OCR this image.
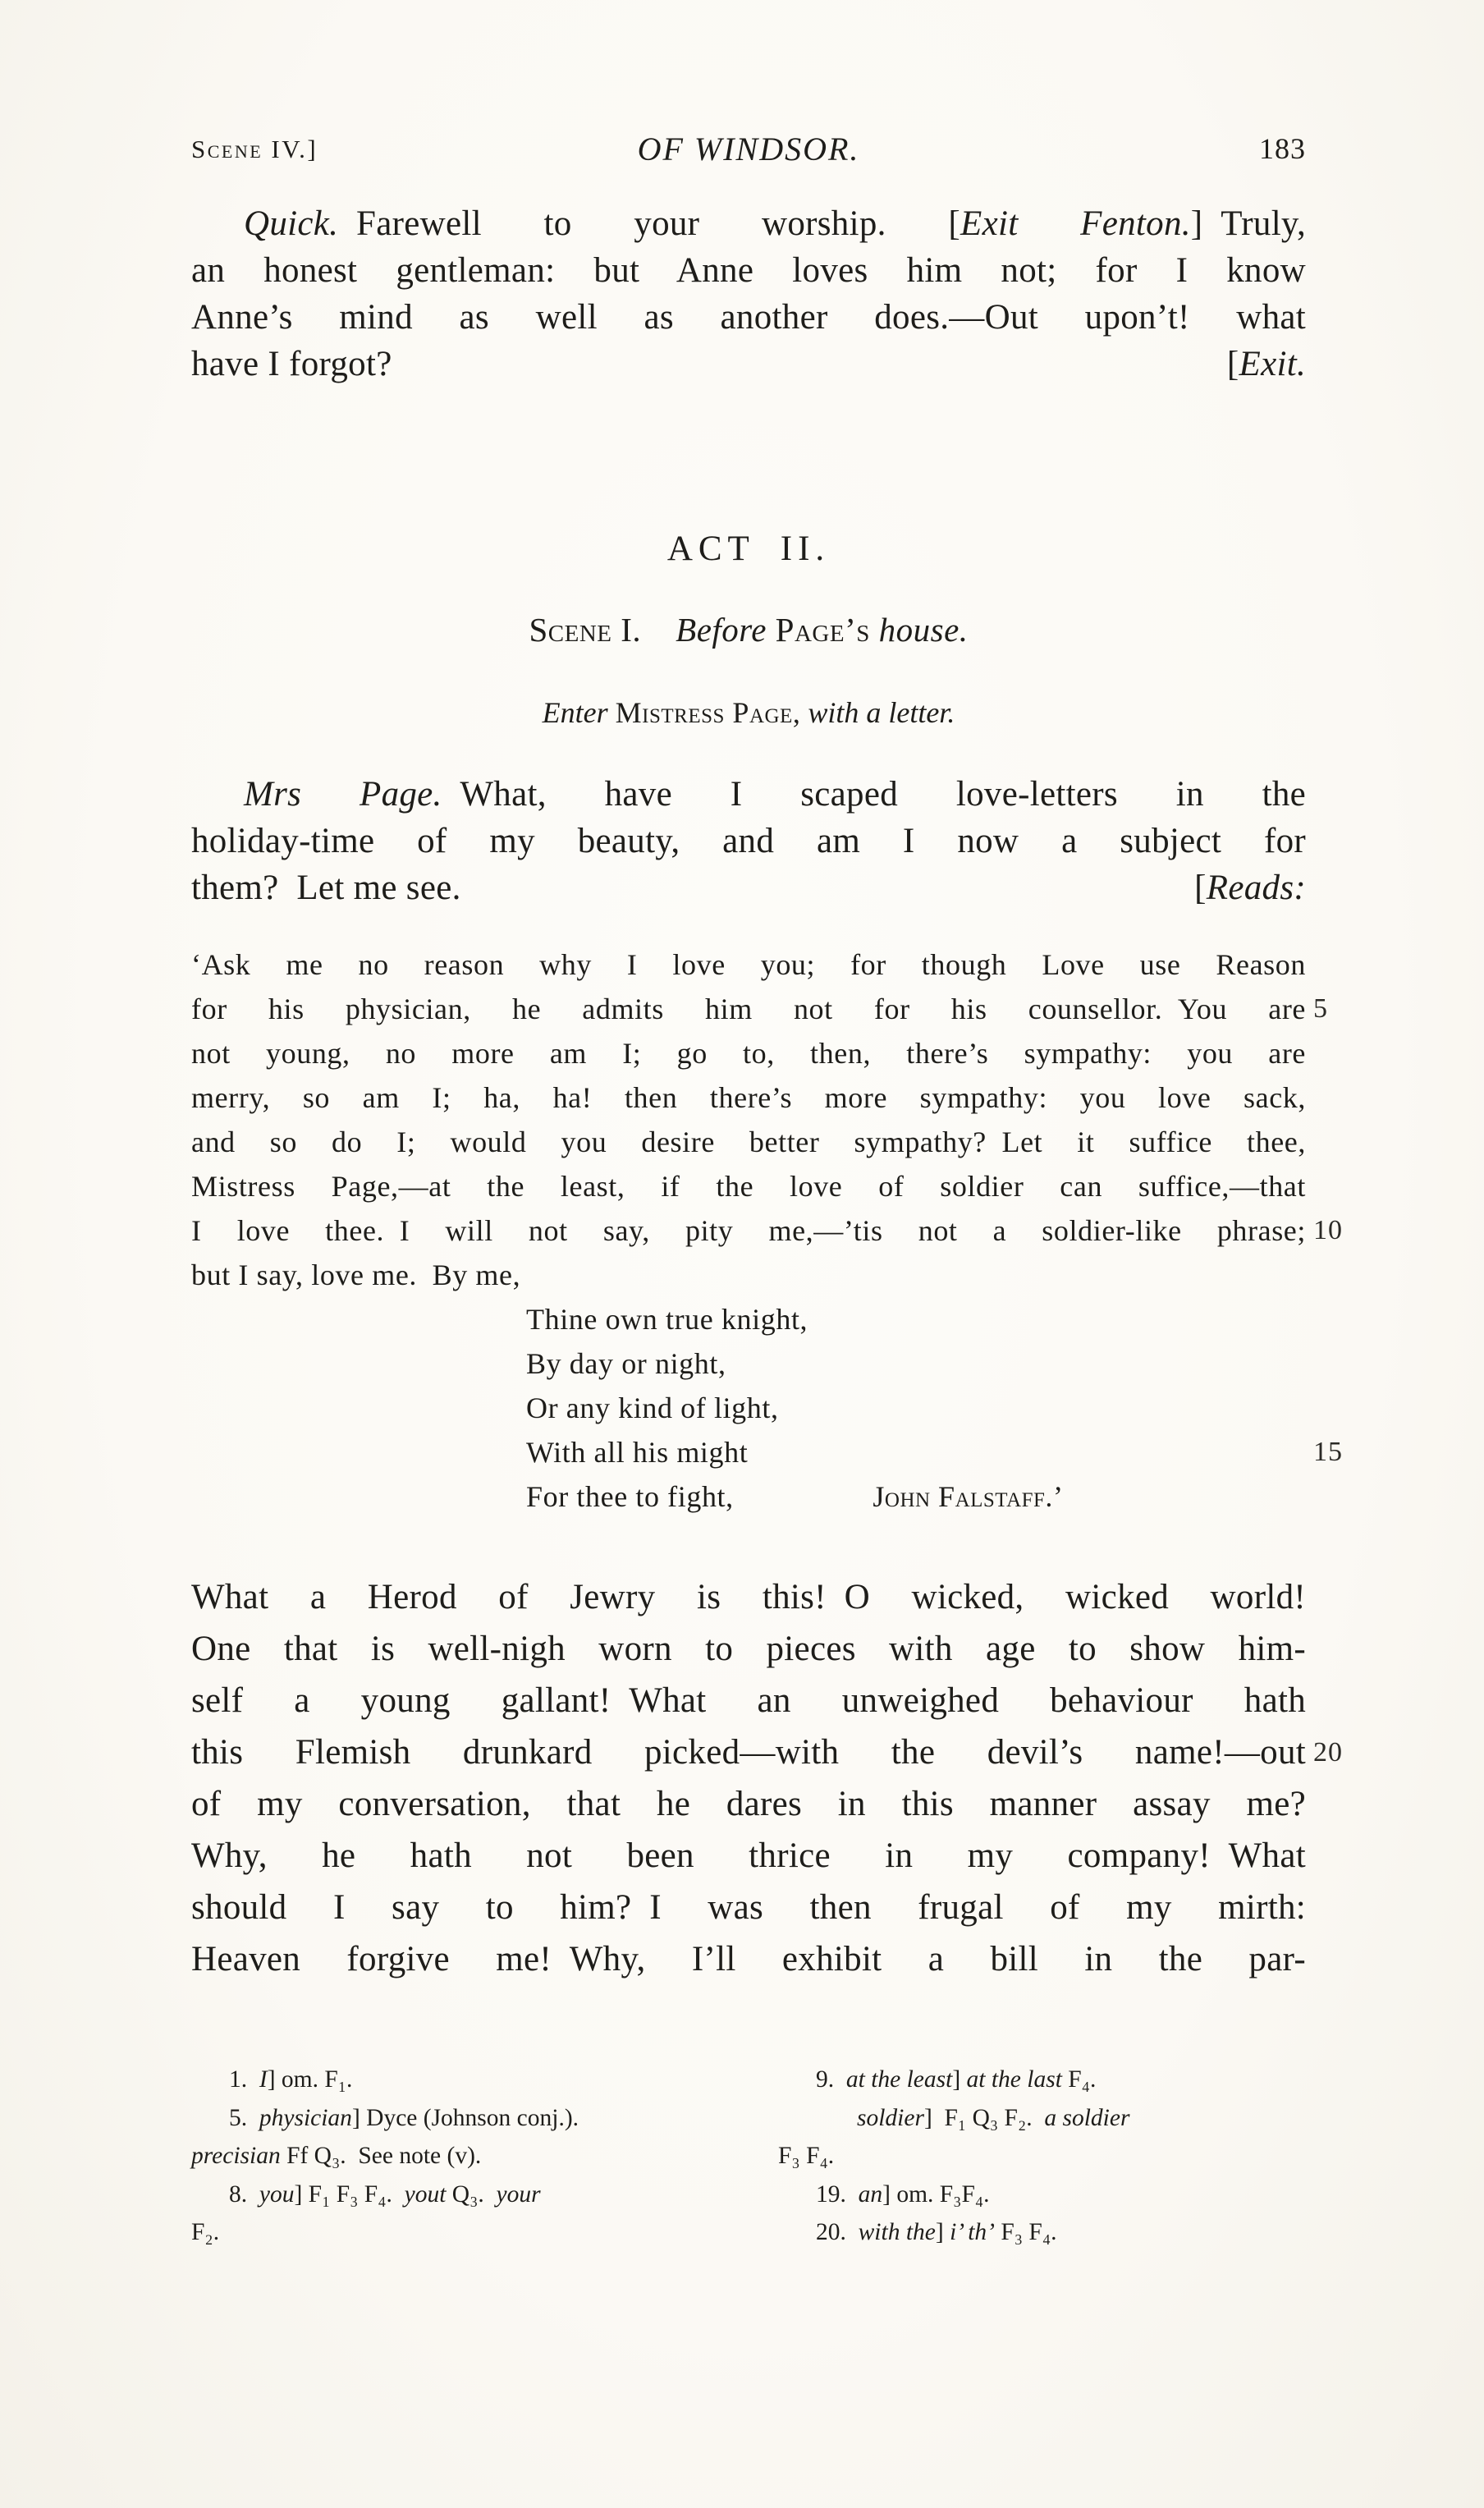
Scene IV.]	OF WINDSOR.	183
Quick. Farewell to your worship. [Exit Fenton.] Truly,
an honest gentleman: but Anne loves him not; for I know
Anne’s mind as well as another does.—Out upon’t! what
have I forgot?	[Exit.
ACT II.
Scene I.   Before Page’s house.
Enter Mistress Page, with a letter.
Mrs Page. What, have I scaped love-letters in the
holiday-time of my beauty, and am I now a subject for
them? Let me see.	[Reads:
‘Ask me no reason why I love you; for though Love use Reason
for his physician, he admits him not for his counsellor. You are 5
not young, no more am I; go to, then, there’s sympathy: you are
merry, so am I; ha, ha! then there’s more sympathy: you love sack,
and so do I; would you desire better sympathy? Let it suffice thee,
Mistress Page,—at the least, if the love of soldier can suffice,—that
I love thee. I will not say, pity me,—’tis not a soldier-like phrase; 10
but I say, love me. By me,
Thine own true knight,
By day or night,
Or any kind of light,
With all his might	15
For thee to fight,	John Falstaff.’
What a Herod of Jewry is this! O wicked, wicked world!
One that is well-nigh worn to pieces with age to show him-
self a young gallant! What an unweighed behaviour hath
this Flemish drunkard picked—with the devil’s name!—out 20
of my conversation, that he dares in this manner assay me?
Why, he hath not been thrice in my company! What
should I say to him? I was then frugal of my mirth:
Heaven forgive me! Why, I’ll exhibit a bill in the par-
1. I] om. F₁.
5. physician] Dyce (Johnson conj.).
precisian Ff Q₃. See note (v).
8. you] F₁ F₃ F₄. yout Q₃. your
F₂.
9. at the least] at the last F₄.
soldier] F₁ Q₃ F₂. a soldier
F₃ F₄.
19. an] om. F₃F₄.
20. with the] i’ th’ F₃ F₄.
